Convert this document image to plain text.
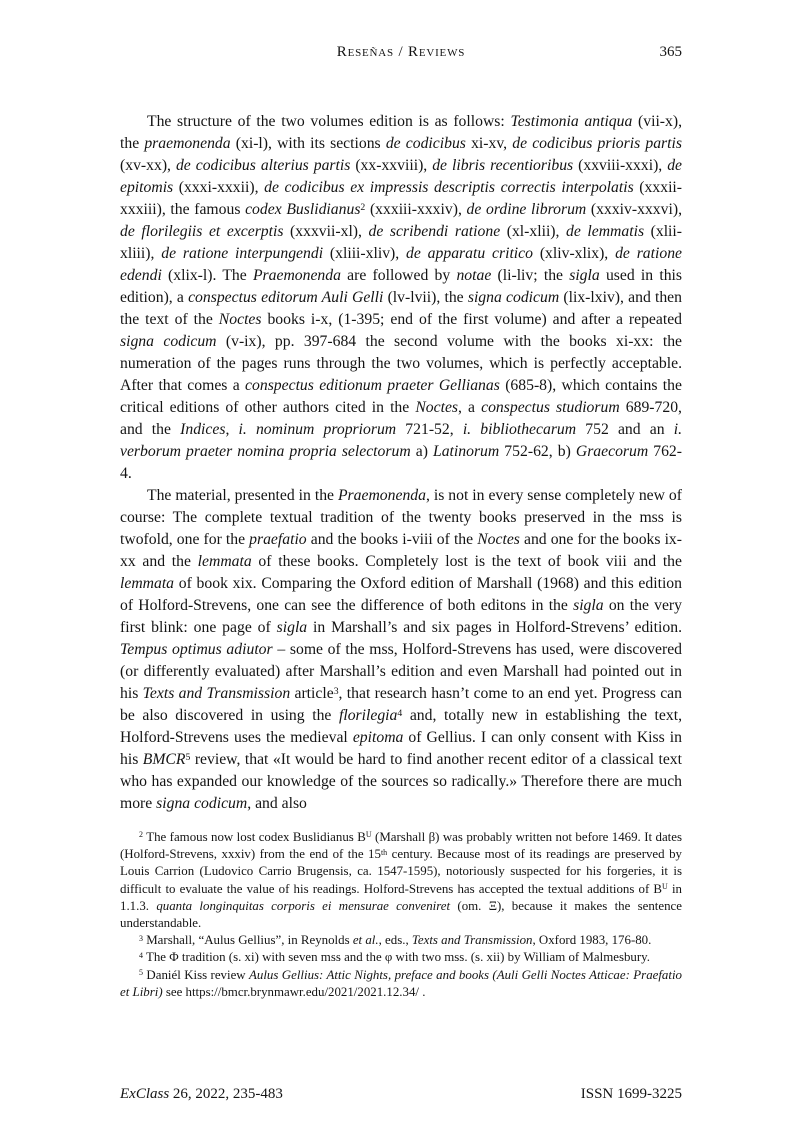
Reseñas / Reviews	365

The structure of the two volumes edition is as follows: Testimonia antiqua (vii-x), the praemonenda (xi-l), with its sections de codicibus xi-xv, de codicibus prioris partis (xv-xx), de codicibus alterius partis (xx-xxviii), de libris recentioribus (xxviii-xxxi), de epitomis (xxxi-xxxii), de codicibus ex impressis descriptis correctis interpolatis (xxxii-xxxiii), the famous codex Buslidianus$^2$ (xxxiii-xxxiv), de ordine librorum (xxxiv-xxxvi), de florilegiis et excerptis (xxxvii-xl), de scribendi ratione (xl-xlii), de lemmatis (xlii-xliii), de ratione interpungendi (xliii-xliv), de apparatu critico (xliv-xlix), de ratione edendi (xlix-l). The Praemonenda are followed by notae (li-liv; the sigla used in this edition), a conspectus editorum Auli Gelli (lv-lvii), the signa codicum (lix-lxiv), and then the text of the Noctes books i-x, (1-395; end of the first volume) and after a repeated signa codicum (v-ix), pp. 397-684 the second volume with the books xi-xx: the numeration of the pages runs through the two volumes, which is perfectly acceptable. After that comes a conspectus editionum praeter Gellianas (685-8), which contains the critical editions of other authors cited in the Noctes, a conspectus studiorum 689-720, and the Indices, i. nominum propriorum 721-52, i. bibliothecarum 752 and an i. verborum praeter nomina propria selectorum a) Latinorum 752-62, b) Graecorum 762-4.

The material, presented in the Praemonenda, is not in every sense completely new of course: The complete textual tradition of the twenty books preserved in the mss is twofold, one for the praefatio and the books i-viii of the Noctes and one for the books ix-xx and the lemmata of these books. Completely lost is the text of book viii and the lemmata of book xix. Comparing the Oxford edition of Marshall (1968) and this edition of Holford-Strevens, one can see the difference of both editons in the sigla on the very first blink: one page of sigla in Marshall’s and six pages in Holford-Strevens’ edition. Tempus optimus adiutor – some of the mss, Holford-Strevens has used, were discovered (or differently evaluated) after Marshall’s edition and even Marshall had pointed out in his Texts and Transmission article$^3$, that research hasn’t come to an end yet. Progress can be also discovered in using the florilegia$^4$ and, totally new in establishing the text, Holford-Strevens uses the medieval epitoma of Gellius. I can only consent with Kiss in his BMCR$^5$ review, that «It would be hard to find another recent editor of a classical text who has expanded our knowledge of the sources so radically.» Therefore there are much more signa codicum, and also

$^2$ The famous now lost codex Buslidianus $B^U$ (Marshall β) was probably written not before 1469. It dates (Holford-Strevens, xxxiv) from the end of the 15th century. Because most of its readings are preserved by Louis Carrion (Ludovico Carrio Brugensis, ca. 1547-1595), notoriously suspected for his forgeries, it is difficult to evaluate the value of his readings. Holford-Strevens has accepted the textual additions of $B^U$ in 1.1.3. quanta longinquitas corporis ei mensurae conveniret (om. Ξ), because it makes the sentence understandable.

$^3$ Marshall, “Aulus Gellius”, in Reynolds et al., eds., Texts and Transmission, Oxford 1983, 176-80.

$^4$ The Φ tradition (s. xi) with seven mss and the φ with two mss. (s. xii) by William of Malmesbury.

$^5$ Daniél Kiss review Aulus Gellius: Attic Nights, preface and books (Auli Gelli Noctes Atticae: Praefatio et Libri) see https://bmcr.brynmawr.edu/2021/2021.12.34/ .

ExClass 26, 2022, 235-483	ISSN 1699-3225
